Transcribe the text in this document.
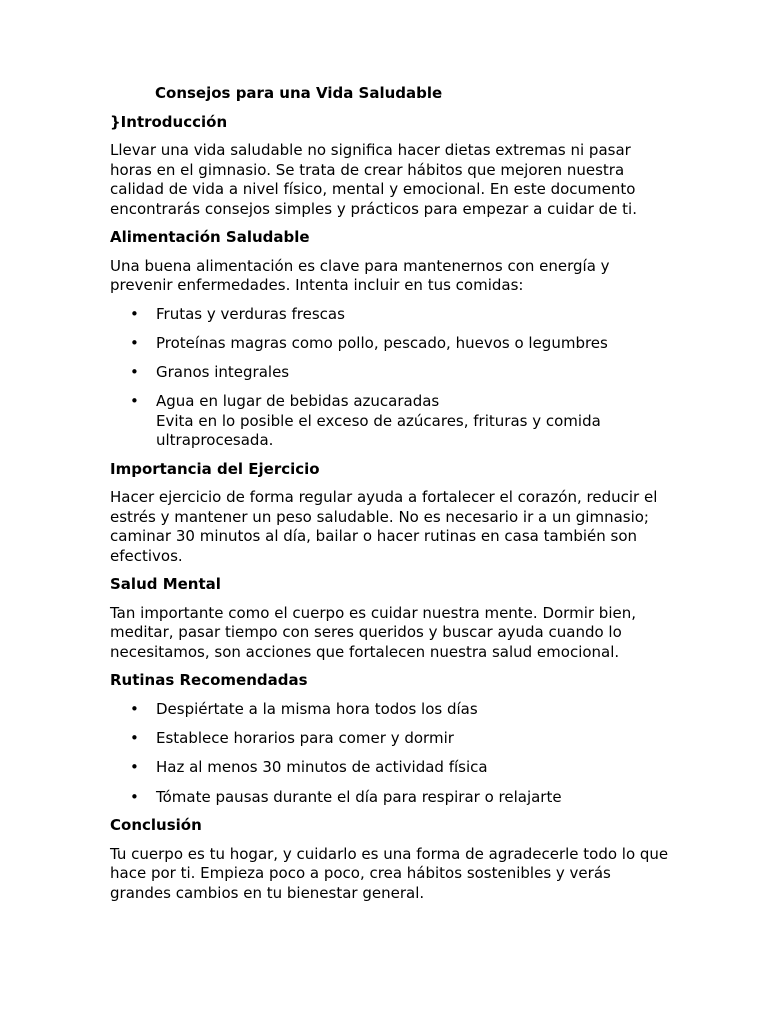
Consejos para una Vida Saludable
}Introducción
Llevar una vida saludable no significa hacer dietas extremas ni pasar horas en el gimnasio. Se trata de crear hábitos que mejoren nuestra calidad de vida a nivel físico, mental y emocional. En este documento encontrarás consejos simples y prácticos para empezar a cuidar de ti.
Alimentación Saludable
Una buena alimentación es clave para mantenernos con energía y prevenir enfermedades. Intenta incluir en tus comidas:
• Frutas y verduras frescas
• Proteínas magras como pollo, pescado, huevos o legumbres
• Granos integrales
• Agua en lugar de bebidas azucaradas
Evita en lo posible el exceso de azúcares, frituras y comida ultraprocesada.
Importancia del Ejercicio
Hacer ejercicio de forma regular ayuda a fortalecer el corazón, reducir el estrés y mantener un peso saludable. No es necesario ir a un gimnasio; caminar 30 minutos al día, bailar o hacer rutinas en casa también son efectivos.
Salud Mental
Tan importante como el cuerpo es cuidar nuestra mente. Dormir bien, meditar, pasar tiempo con seres queridos y buscar ayuda cuando lo necesitamos, son acciones que fortalecen nuestra salud emocional.
Rutinas Recomendadas
• Despiértate a la misma hora todos los días
• Establece horarios para comer y dormir
• Haz al menos 30 minutos de actividad física
• Tómate pausas durante el día para respirar o relajarte
Conclusión
Tu cuerpo es tu hogar, y cuidarlo es una forma de agradecerle todo lo que hace por ti. Empieza poco a poco, crea hábitos sostenibles y verás grandes cambios en tu bienestar general.
